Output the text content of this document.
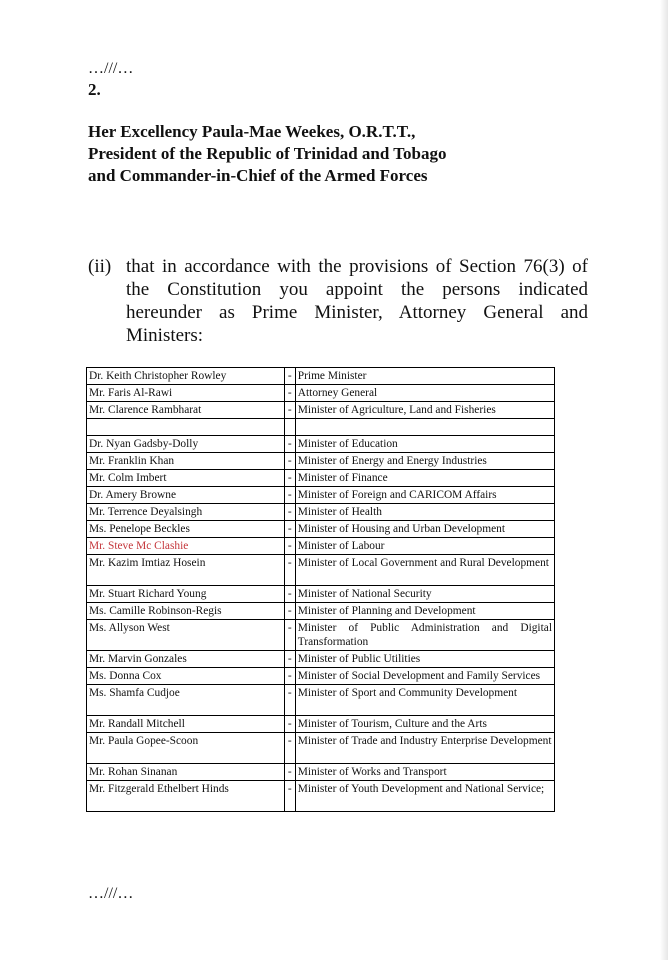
…///…
2.
Her Excellency Paula-Mae Weekes, O.R.T.T.,
President of the Republic of Trinidad and Tobago
and Commander-in-Chief of the Armed Forces
(ii) that in accordance with the provisions of Section 76(3) of the Constitution you appoint the persons indicated hereunder as Prime Minister, Attorney General and Ministers:
Dr. Keith Christopher Rowley	-	Prime Minister
Mr. Faris Al-Rawi	-	Attorney General
Mr. Clarence Rambharat	-	Minister of Agriculture, Land and Fisheries

Dr. Nyan Gadsby-Dolly	-	Minister of Education
Mr. Franklin Khan	-	Minister of Energy and Energy Industries
Mr. Colm Imbert	-	Minister of Finance
Dr. Amery Browne	-	Minister of Foreign and CARICOM Affairs
Mr. Terrence Deyalsingh	-	Minister of Health
Ms. Penelope Beckles	-	Minister of Housing and Urban Development
Mr. Steve Mc Clashie	-	Minister of Labour
Mr. Kazim Imtiaz Hosein	-	Minister of Local Government and Rural Development
Mr. Stuart Richard Young	-	Minister of National Security
Ms. Camille Robinson-Regis	-	Minister of Planning and Development
Ms. Allyson West	-	Minister of Public Administration and Digital Transformation
Mr. Marvin Gonzales	-	Minister of Public Utilities
Ms. Donna Cox	-	Minister of Social Development and Family Services
Ms. Shamfa Cudjoe	-	Minister of Sport and Community Development
Mr. Randall Mitchell	-	Minister of Tourism, Culture and the Arts
Mr. Paula Gopee-Scoon	-	Minister of Trade and Industry Enterprise Development
Mr. Rohan Sinanan	-	Minister of Works and Transport
Mr. Fitzgerald Ethelbert Hinds	-	Minister of Youth Development and National Service;
…///…
